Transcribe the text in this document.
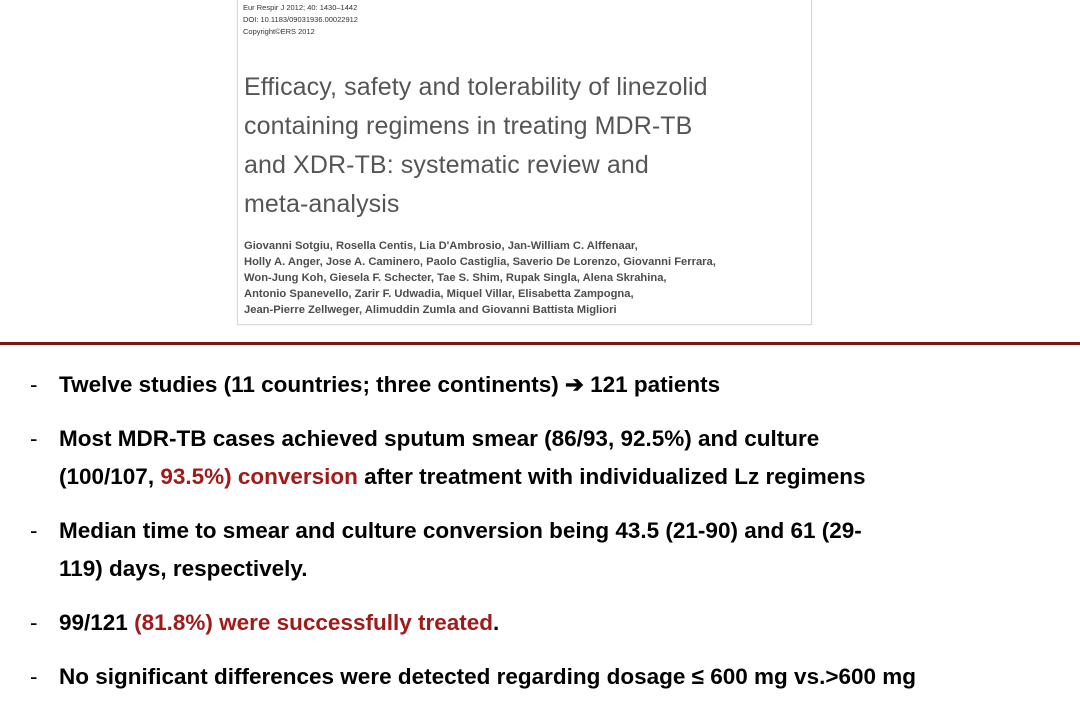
Eur Respir J 2012; 40: 1430–1442
DOI: 10.1183/09031936.00022912
Copyright©ERS 2012
Efficacy, safety and tolerability of linezolid
containing regimens in treating MDR-TB
and XDR-TB: systematic review and
meta-analysis
Giovanni Sotgiu, Rosella Centis, Lia D'Ambrosio, Jan-William C. Alffenaar,
Holly A. Anger, Jose A. Caminero, Paolo Castiglia, Saverio De Lorenzo, Giovanni Ferrara,
Won-Jung Koh, Giesela F. Schecter, Tae S. Shim, Rupak Singla, Alena Skrahina,
Antonio Spanevello, Zarir F. Udwadia, Miquel Villar, Elisabetta Zampogna,
Jean-Pierre Zellweger, Alimuddin Zumla and Giovanni Battista Migliori
- Twelve studies (11 countries; three continents) ➔ 121 patients
- Most MDR-TB cases achieved sputum smear (86/93, 92.5%) and culture
(100/107, 93.5%) conversion after treatment with individualized Lz regimens
- Median time to smear and culture conversion being 43.5 (21-90) and 61 (29-
119) days, respectively.
- 99/121 (81.8%) were successfully treated.
- No significant differences were detected regarding dosage ≤ 600 mg vs.>600 mg
